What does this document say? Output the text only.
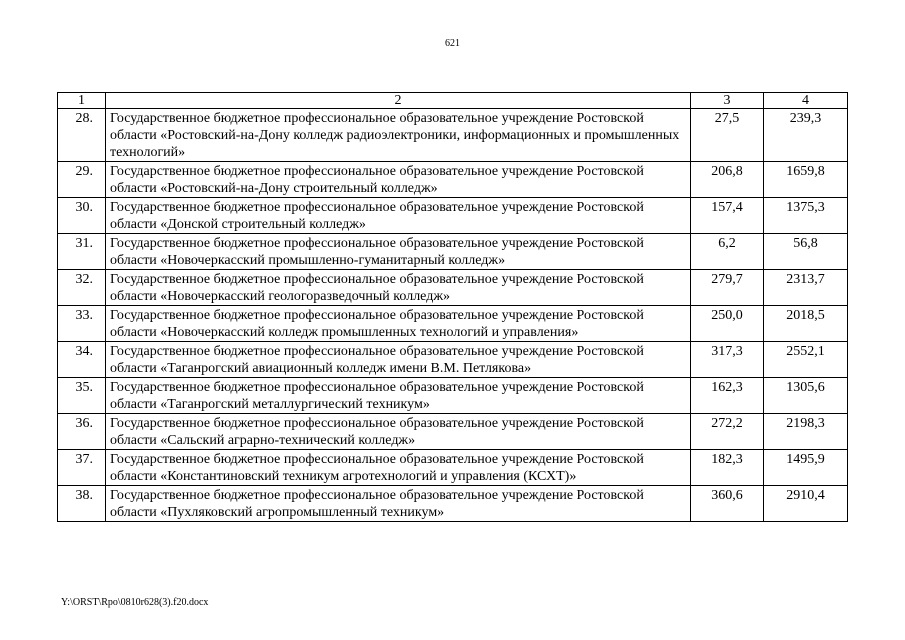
621
1	2	3	4
28.	Государственное бюджетное профессиональное образовательное учреждение Ростовской области «Ростовский-на-Дону колледж радиоэлектроники, информационных и промышленных технологий»	27,5	239,3
29.	Государственное бюджетное профессиональное образовательное учреждение Ростовской области «Ростовский-на-Дону строительный колледж»	206,8	1659,8
30.	Государственное бюджетное профессиональное образовательное учреждение Ростовской области «Донской строительный колледж»	157,4	1375,3
31.	Государственное бюджетное профессиональное образовательное учреждение Ростовской области «Новочеркасский промышленно-гуманитарный колледж»	6,2	56,8
32.	Государственное бюджетное профессиональное образовательное учреждение Ростовской области «Новочеркасский геологоразведочный колледж»	279,7	2313,7
33.	Государственное бюджетное профессиональное образовательное учреждение Ростовской области «Новочеркасский колледж промышленных технологий и управления»	250,0	2018,5
34.	Государственное бюджетное профессиональное образовательное учреждение Ростовской области «Таганрогский авиационный колледж имени В.М. Петлякова»	317,3	2552,1
35.	Государственное бюджетное профессиональное образовательное учреждение Ростовской области «Таганрогский металлургический техникум»	162,3	1305,6
36.	Государственное бюджетное профессиональное образовательное учреждение Ростовской области «Сальский аграрно-технический колледж»	272,2	2198,3
37.	Государственное бюджетное профессиональное образовательное учреждение Ростовской области «Константиновский техникум агротехнологий и управления (КСХТ)»	182,3	1495,9
38.	Государственное бюджетное профессиональное образовательное учреждение Ростовской области «Пухляковский агропромышленный техникум»	360,6	2910,4
Y:\ORST\Rpo\0810r628(3).f20.docx
